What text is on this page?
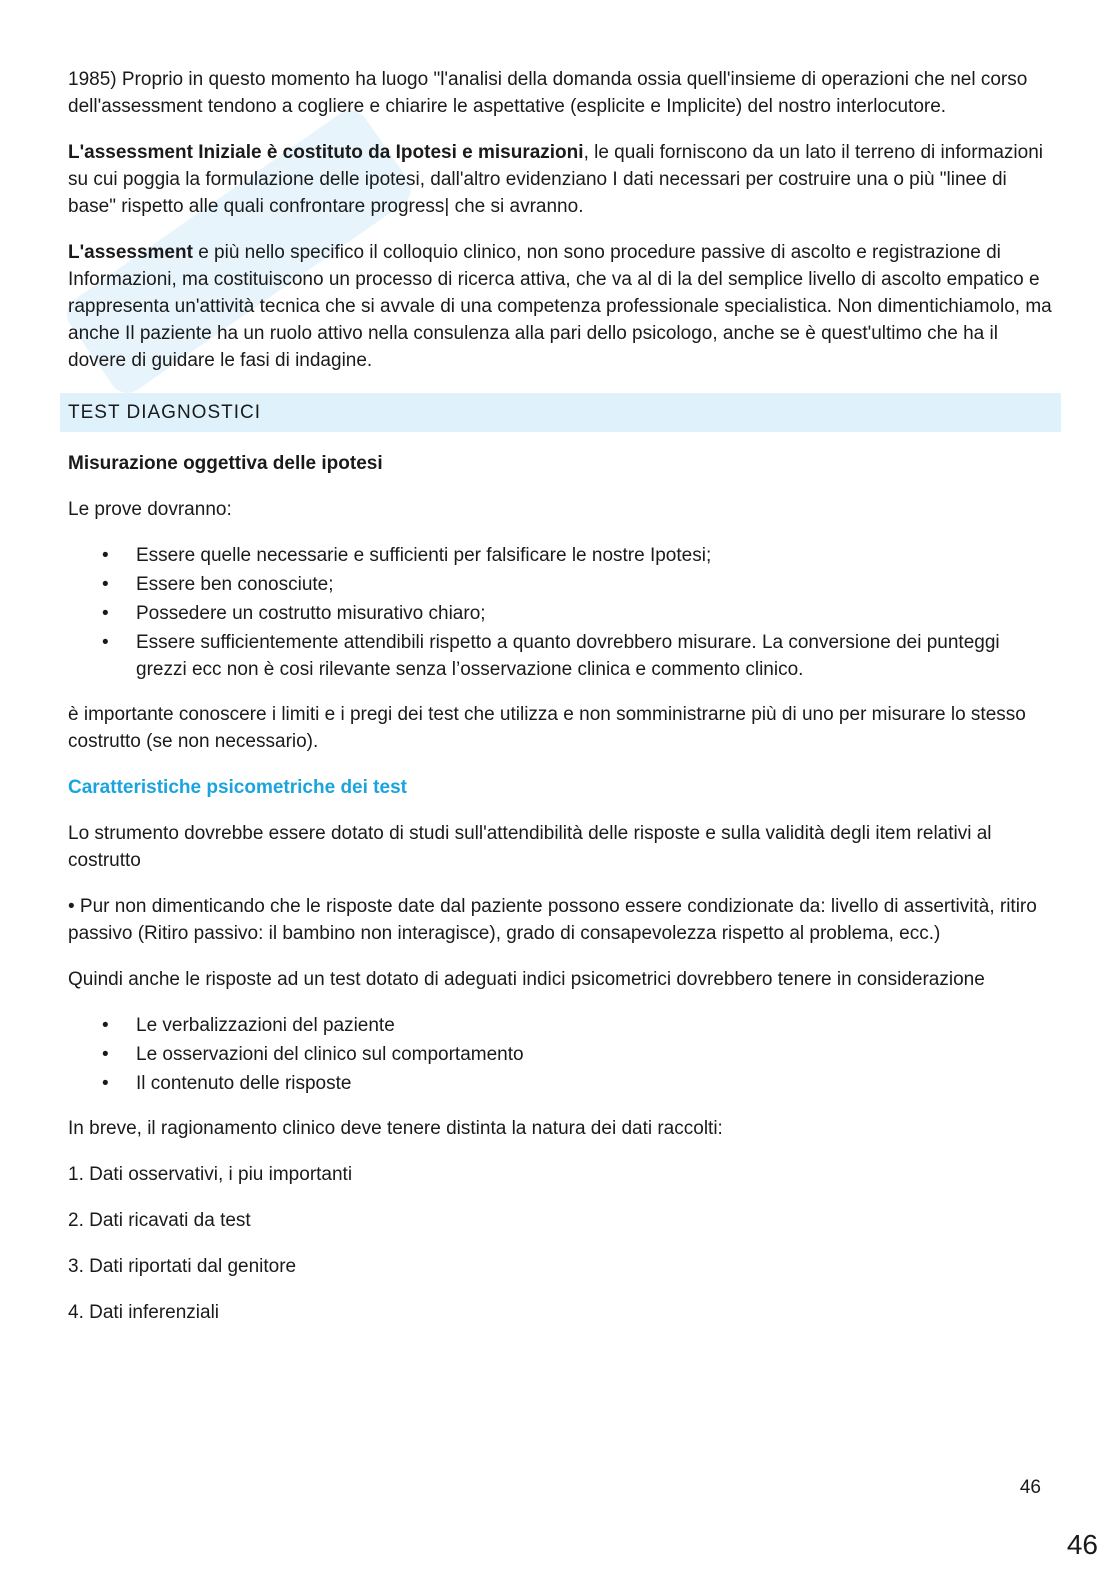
1985) Proprio in questo momento ha luogo "l'analisi della domanda ossia quell'insieme di operazioni che nel corso dell'assessment tendono a cogliere e chiarire le aspettative (esplicite e Implicite) del nostro interlocutore.

L'assessment Iniziale è costituto da Ipotesi e misurazioni, le quali forniscono da un lato il terreno di informazioni su cui poggia la formulazione delle ipotesi, dall'altro evidenziano I dati necessari per costruire una o più "linee di base" rispetto alle quali confrontare progress| che si avranno.

L'assessment e più nello specifico il colloquio clinico, non sono procedure passive di ascolto e registrazione di Informazioni, ma costituiscono un processo di ricerca attiva, che va al di la del semplice livello di ascolto empatico e rappresenta un'attività tecnica che si avvale di una competenza professionale specialistica. Non dimentichiamolo, ma anche Il paziente ha un ruolo attivo nella consulenza alla pari dello psicologo, anche se è quest'ultimo che ha il dovere di guidare le fasi di indagine.

TEST DIAGNOSTICI
Misurazione oggettiva delle ipotesi

Le prove dovranno:

• Essere quelle necessarie e sufficienti per falsificare le nostre Ipotesi;
• Essere ben conosciute;
• Possedere un costrutto misurativo chiaro;
• Essere sufficientemente attendibili rispetto a quanto dovrebbero misurare. La conversione dei punteggi grezzi ecc non è cosi rilevante senza l’osservazione clinica e commento clinico.

è importante conoscere i limiti e i pregi dei test che utilizza e non somministrarne più di uno per misurare lo stesso costrutto (se non necessario).

Caratteristiche psicometriche dei test

Lo strumento dovrebbe essere dotato di studi sull'attendibilità delle risposte e sulla validità degli item relativi al costrutto

• Pur non dimenticando che le risposte date dal paziente possono essere condizionate da: livello di assertività, ritiro passivo (Ritiro passivo: il bambino non interagisce), grado di consapevolezza rispetto al problema, ecc.)

Quindi anche le risposte ad un test dotato di adeguati indici psicometrici dovrebbero tenere in considerazione

• Le verbalizzazioni del paziente
• Le osservazioni del clinico sul comportamento
• Il contenuto delle risposte

In breve, il ragionamento clinico deve tenere distinta la natura dei dati raccolti:

1. Dati osservativi, i piu importanti
2. Dati ricavati da test
3. Dati riportati dal genitore
4. Dati inferenziali
46
46
